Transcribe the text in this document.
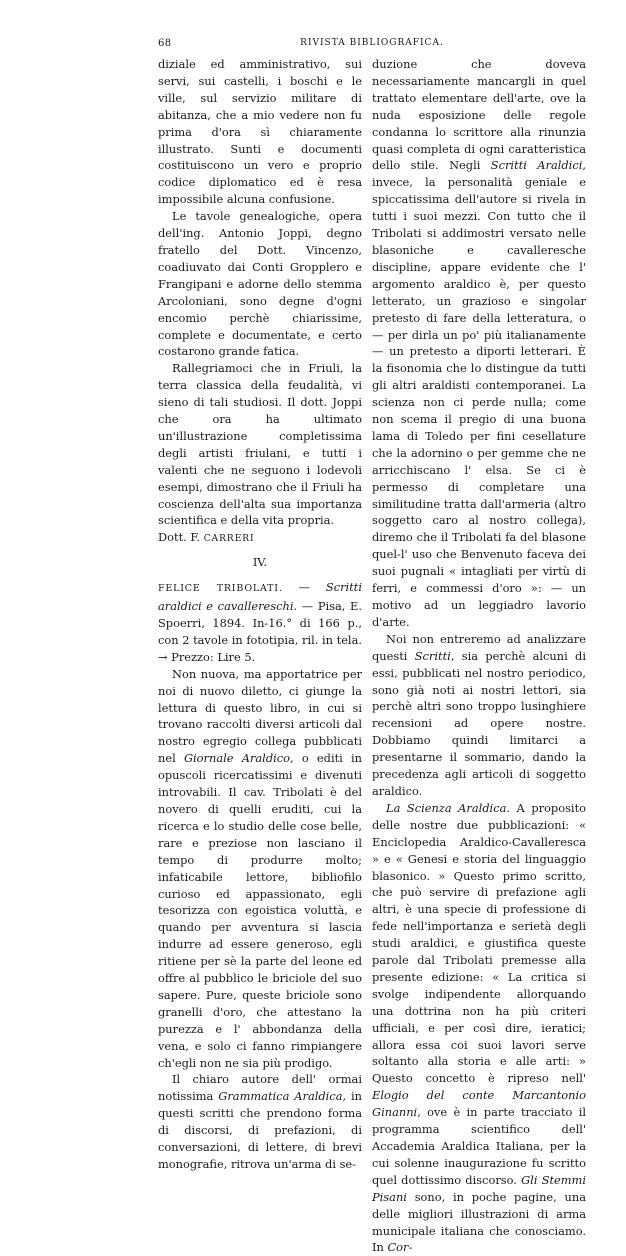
68	RIVISTA BIBLIOGRAFICA.

diziale ed amministrativo, sui servi, sui castelli, i boschi e le ville, sul servizio militare di abitanza, che a mio vedere non fu prima d'ora sì chiaramente illustrato. Sunti e documenti costituiscono un vero e proprio codice diplomatico ed è resa impossibile alcuna confusione.

Le tavole genealogiche, opera dell'ing. Antonio Joppi, degno fratello del Dott. Vincenzo, coadiuvato dai Conti Gropplero e Frangipani e adorne dello stemma Arcoloniani, sono degne d'ogni encomio perchè chiarissime, complete e documentate, e certo costarono grande fatica.

Rallegriamoci che in Friuli, la terra classica della feudalità, vi sieno di tali studiosi. Il dott. Joppi che ora ha ultimato un'illustrazione completissima degli artisti friulani, e tutti i valenti che ne seguono i lodevoli esempi, dimostrano che il Friuli ha coscienza dell'alta sua importanza scientifica e della vita propria.

Dott. F. CARRERI

IV.

FELICE TRIBOLATI. — Scritti araldici e cavallereschi. — Pisa, E. Spoerri, 1894. In-16.° di 166 p., con 2 tavole in fototipia, ril. in tela. → Prezzo: Lire 5.

Non nuova, ma apportatrice per noi di nuovo diletto, ci giunge la lettura di questo libro, in cui si trovano raccolti diversi articoli dal nostro egregio collega pubblicati nel Giornale Araldico, o editi in opuscoli ricercatissimi e divenuti introvabili. Il cav. Tribolati è del novero di quelli eruditi, cui la ricerca e lo studio delle cose belle, rare e preziose non lasciano il tempo di produrre molto; infaticabile lettore, bibliofilo curioso ed appassionato, egli tesorizza con egoistica voluttà, e quando per avventura si lascia indurre ad essere generoso, egli ritiene per sè la parte del leone ed offre al pubblico le briciole del suo sapere. Pure, queste briciole sono granelli d'oro, che attestano la purezza e l' abbondanza della vena, e solo ci fanno rimpiangere ch'egli non ne sia più prodigo.

Il chiaro autore dell' ormai notissima Grammatica Araldica, in questi scritti che prendono forma di discorsi, di prefazioni, di conversazioni, di lettere, di brevi monografie, ritrova un'arma di se-

duzione che doveva necessariamente mancargli in quel trattato elementare dell'arte, ove la nuda esposizione delle regole condanna lo scrittore alla rinunzia quasi completa di ogni caratteristica dello stile. Negli Scritti Araldici, invece, la personalità geniale e spiccatissima dell'autore si rivela in tutti i suoi mezzi. Con tutto che il Tribolati si addimostri versato nelle blasoniche e cavalleresche discipline, appare evidente che l' argomento araldico è, per questo letterato, un grazioso e singolar pretesto di fare della letteratura, o — per dirla un po' più italianamente — un pretesto a diporti letterari. È la fisonomia che lo distingue da tutti gli altri araldisti contemporanei. La scienza non ci perde nulla; come non scema il pregio di una buona lama di Toledo per fini cesellature che la adornino o per gemme che ne arricchiscano l' elsa. Se ci è permesso di completare una similitudine tratta dall'armeria (altro soggetto caro al nostro collega), diremo che il Tribolati fa del blasone quel-l' uso che Benvenuto faceva dei suoi pugnali « intagliati per virtù di ferri, e commessi d'oro »: — un motivo ad un leggiadro lavorio d'arte.

Noi non entreremo ad analizzare questi Scritti, sia perchè alcuni di essi, pubblicati nel nostro periodico, sono già noti ai nostri lettori, sia perchè altri sono troppo lusinghiere recensioni ad opere nostre. Dobbiamo quindi limitarci a presentarne il sommario, dando la precedenza agli articoli di soggetto araldico.

La Scienza Araldica. A proposito delle nostre due pubblicazioni: « Enciclopedia Araldico-Cavalleresca » e « Genesi e storia del linguaggio blasonico. » Questo primo scritto, che può servire di prefazione agli altri, è una specie di professione di fede nell'importanza e serietà degli studi araldici, e giustifica queste parole dal Tribolati premesse alla presente edizione: « La critica si svolge indipendente allorquando una dottrina non ha più criteri ufficiali, e per così dire, ieratici; allora essa coi suoi lavori serve soltanto alla storia e alle arti: » Questo concetto è ripreso nell' Elogio del conte Marcantonio Ginanni, ove è in parte tracciato il programma scientifico dell' Accademia Araldica Italiana, per la cui solenne inaugurazione fu scritto quel dottissimo discorso. Gli Stemmi Pisani sono, in poche pagine, una delle migliori illustrazioni di arma municipale italiana che conosciamo. In Cor-
